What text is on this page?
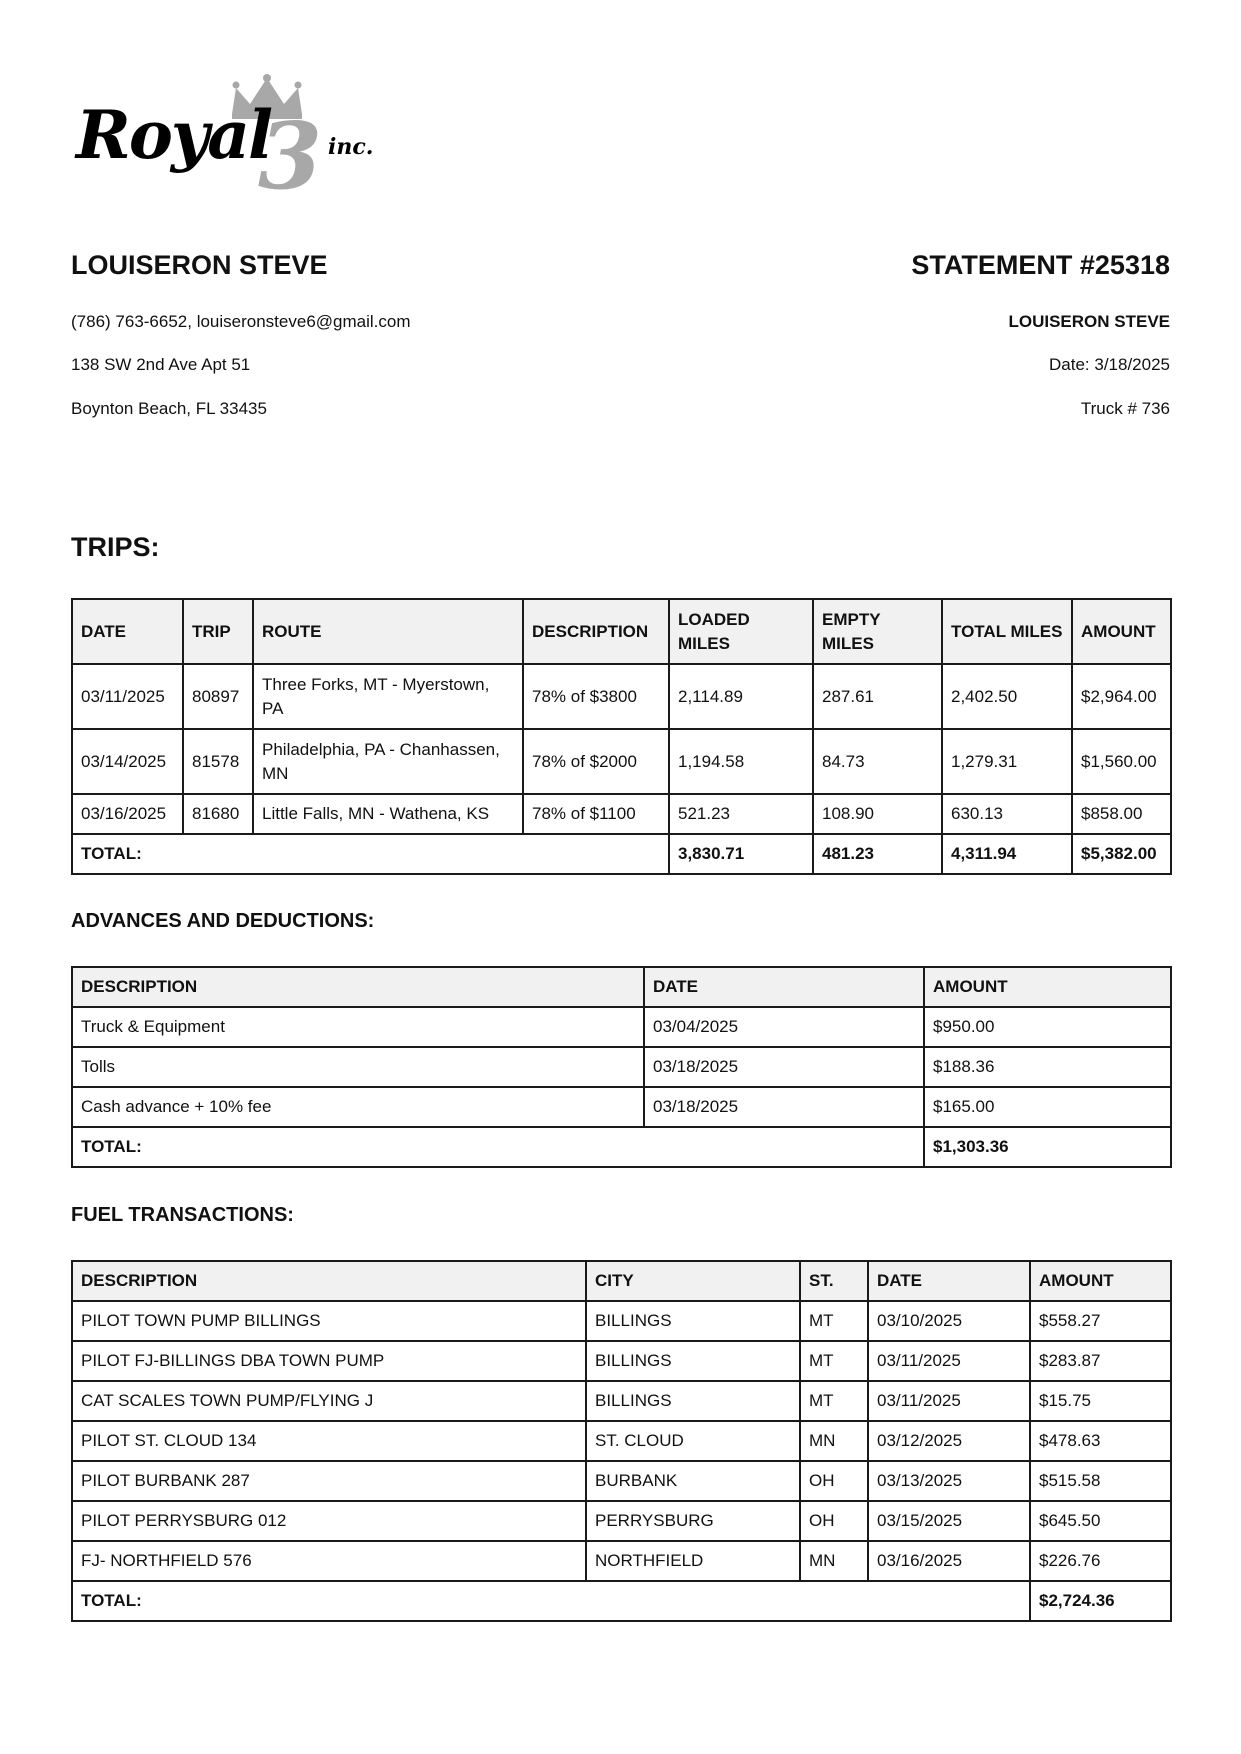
Royal
3 inc.
LOUISERON STEVE

(786) 763-6652, louiseronsteve6@gmail.com

138 SW 2nd Ave Apt 51

Boynton Beach, FL 33435

STATEMENT #25318

LOUISERON STEVE

Date: 3/18/2025

Truck # 736

TRIPS:
DATE	TRIP	ROUTE	DESCRIPTION	LOADED MILES	EMPTY MILES	TOTAL MILES	AMOUNT
03/11/2025	80897	Three Forks, MT - Myerstown, PA	78% of $3800	2,114.89	287.61	2,402.50	$2,964.00
03/14/2025	81578	Philadelphia, PA - Chanhassen, MN	78% of $2000	1,194.58	84.73	1,279.31	$1,560.00
03/16/2025	81680	Little Falls, MN - Wathena, KS	78% of $1100	521.23	108.90	630.13	$858.00
TOTAL:				3,830.71	481.23	4,311.94	$5,382.00
ADVANCES AND DEDUCTIONS:
DESCRIPTION	DATE	AMOUNT
Truck & Equipment	03/04/2025	$950.00
Tolls	03/18/2025	$188.36
Cash advance + 10% fee	03/18/2025	$165.00
TOTAL:		$1,303.36
FUEL TRANSACTIONS:
DESCRIPTION	CITY	ST.	DATE	AMOUNT
PILOT TOWN PUMP BILLINGS	BILLINGS	MT	03/10/2025	$558.27
PILOT FJ-BILLINGS DBA TOWN PUMP	BILLINGS	MT	03/11/2025	$283.87
CAT SCALES TOWN PUMP/FLYING J	BILLINGS	MT	03/11/2025	$15.75
PILOT ST. CLOUD 134	ST. CLOUD	MN	03/12/2025	$478.63
PILOT BURBANK 287	BURBANK	OH	03/13/2025	$515.58
PILOT PERRYSBURG 012	PERRYSBURG	OH	03/15/2025	$645.50
FJ- NORTHFIELD 576	NORTHFIELD	MN	03/16/2025	$226.76
TOTAL:				$2,724.36
